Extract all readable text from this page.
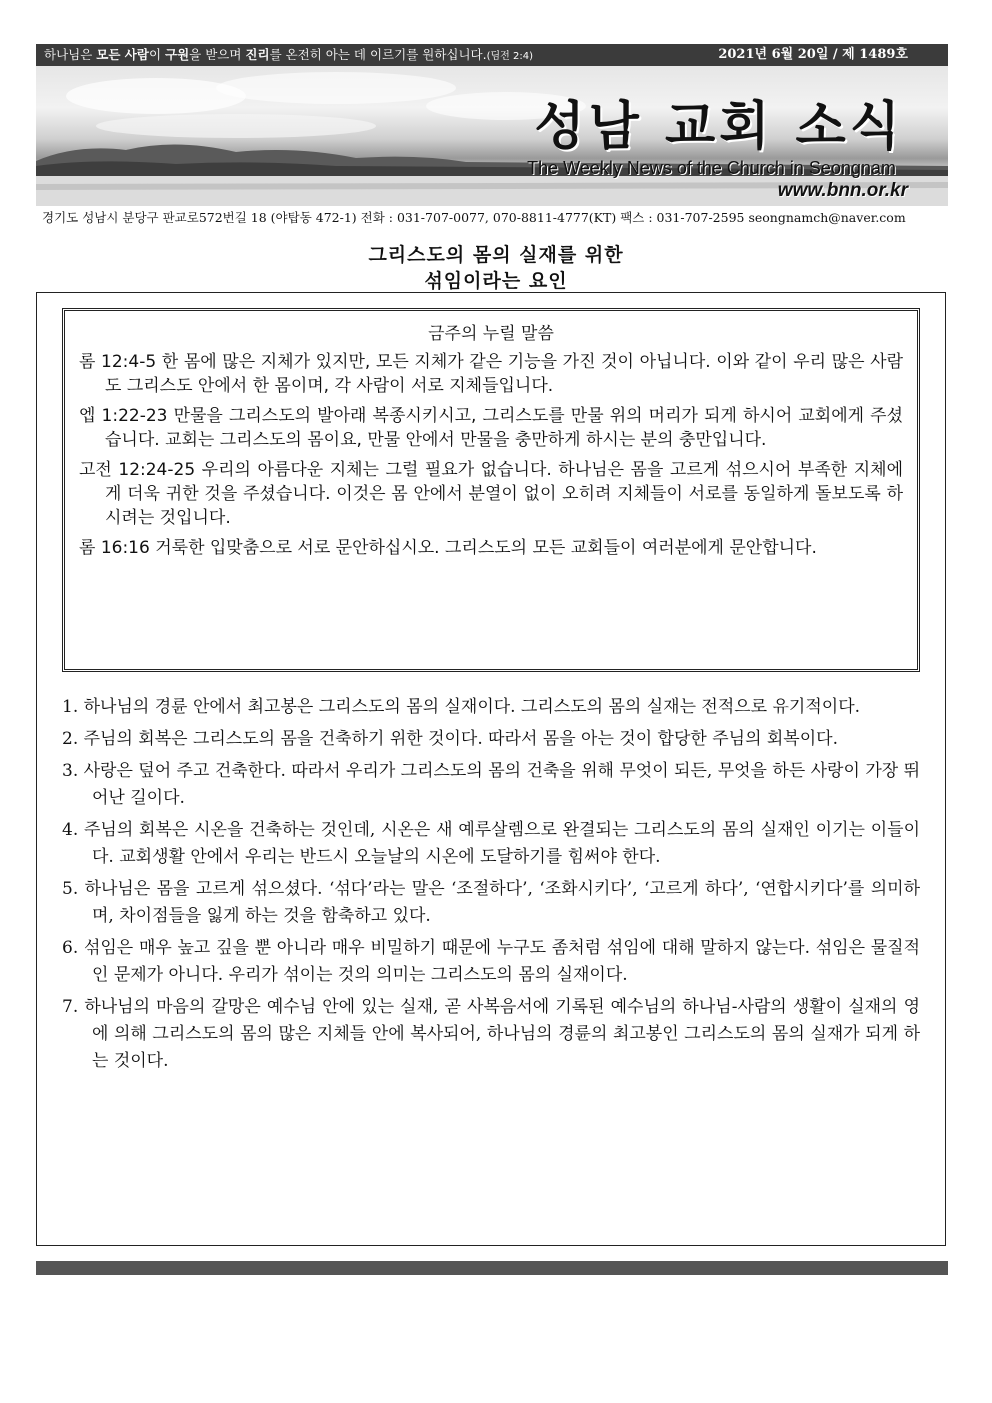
하나님은 모든 사람이 구원을 받으며 진리를 온전히 아는 데 이르기를 원하십니다.(딤전 2:4)	2021년 6월 20일 / 제 1489호
성남 교회 소식
The Weekly News of the Church in Seongnam
www.bnn.or.kr
경기도 성남시 분당구 판교로572번길 18 (야탑동 472-1) 전화 : 031-707-0077, 070-8811-4777(KT) 팩스 : 031-707-2595 seongnamch@naver.com
그리스도의 몸의 실재를 위한
섞임이라는 요인
금주의 누릴 말씀
롬 12:4-5 한 몸에 많은 지체가 있지만, 모든 지체가 같은 기능을 가진 것이 아닙니다. 이와 같이 우리 많은 사람도 그리스도 안에서 한 몸이며, 각 사람이 서로 지체들입니다.
엡 1:22-23 만물을 그리스도의 발아래 복종시키시고, 그리스도를 만물 위의 머리가 되게 하시어 교회에게 주셨습니다. 교회는 그리스도의 몸이요, 만물 안에서 만물을 충만하게 하시는 분의 충만입니다.
고전 12:24-25 우리의 아름다운 지체는 그럴 필요가 없습니다. 하나님은 몸을 고르게 섞으시어 부족한 지체에게 더욱 귀한 것을 주셨습니다. 이것은 몸 안에서 분열이 없이 오히려 지체들이 서로를 동일하게 돌보도록 하시려는 것입니다.
롬 16:16 거룩한 입맞춤으로 서로 문안하십시오. 그리스도의 모든 교회들이 여러분에게 문안합니다.
1. 하나님의 경륜 안에서 최고봉은 그리스도의 몸의 실재이다. 그리스도의 몸의 실재는 전적으로 유기적이다.
2. 주님의 회복은 그리스도의 몸을 건축하기 위한 것이다. 따라서 몸을 아는 것이 합당한 주님의 회복이다.
3. 사랑은 덮어 주고 건축한다. 따라서 우리가 그리스도의 몸의 건축을 위해 무엇이 되든, 무엇을 하든 사랑이 가장 뛰어난 길이다.
4. 주님의 회복은 시온을 건축하는 것인데, 시온은 새 예루살렘으로 완결되는 그리스도의 몸의 실재인 이기는 이들이다. 교회생활 안에서 우리는 반드시 오늘날의 시온에 도달하기를 힘써야 한다.
5. 하나님은 몸을 고르게 섞으셨다. ‘섞다’라는 말은 ‘조절하다’, ‘조화시키다’, ‘고르게 하다’, ‘연합시키다’를 의미하며, 차이점들을 잃게 하는 것을 함축하고 있다.
6. 섞임은 매우 높고 깊을 뿐 아니라 매우 비밀하기 때문에 누구도 좀처럼 섞임에 대해 말하지 않는다. 섞임은 물질적인 문제가 아니다. 우리가 섞이는 것의 의미는 그리스도의 몸의 실재이다.
7. 하나님의 마음의 갈망은 예수님 안에 있는 실재, 곧 사복음서에 기록된 예수님의 하나님-사람의 생활이 실재의 영에 의해 그리스도의 몸의 많은 지체들 안에 복사되어, 하나님의 경륜의 최고봉인 그리스도의 몸의 실재가 되게 하는 것이다.
